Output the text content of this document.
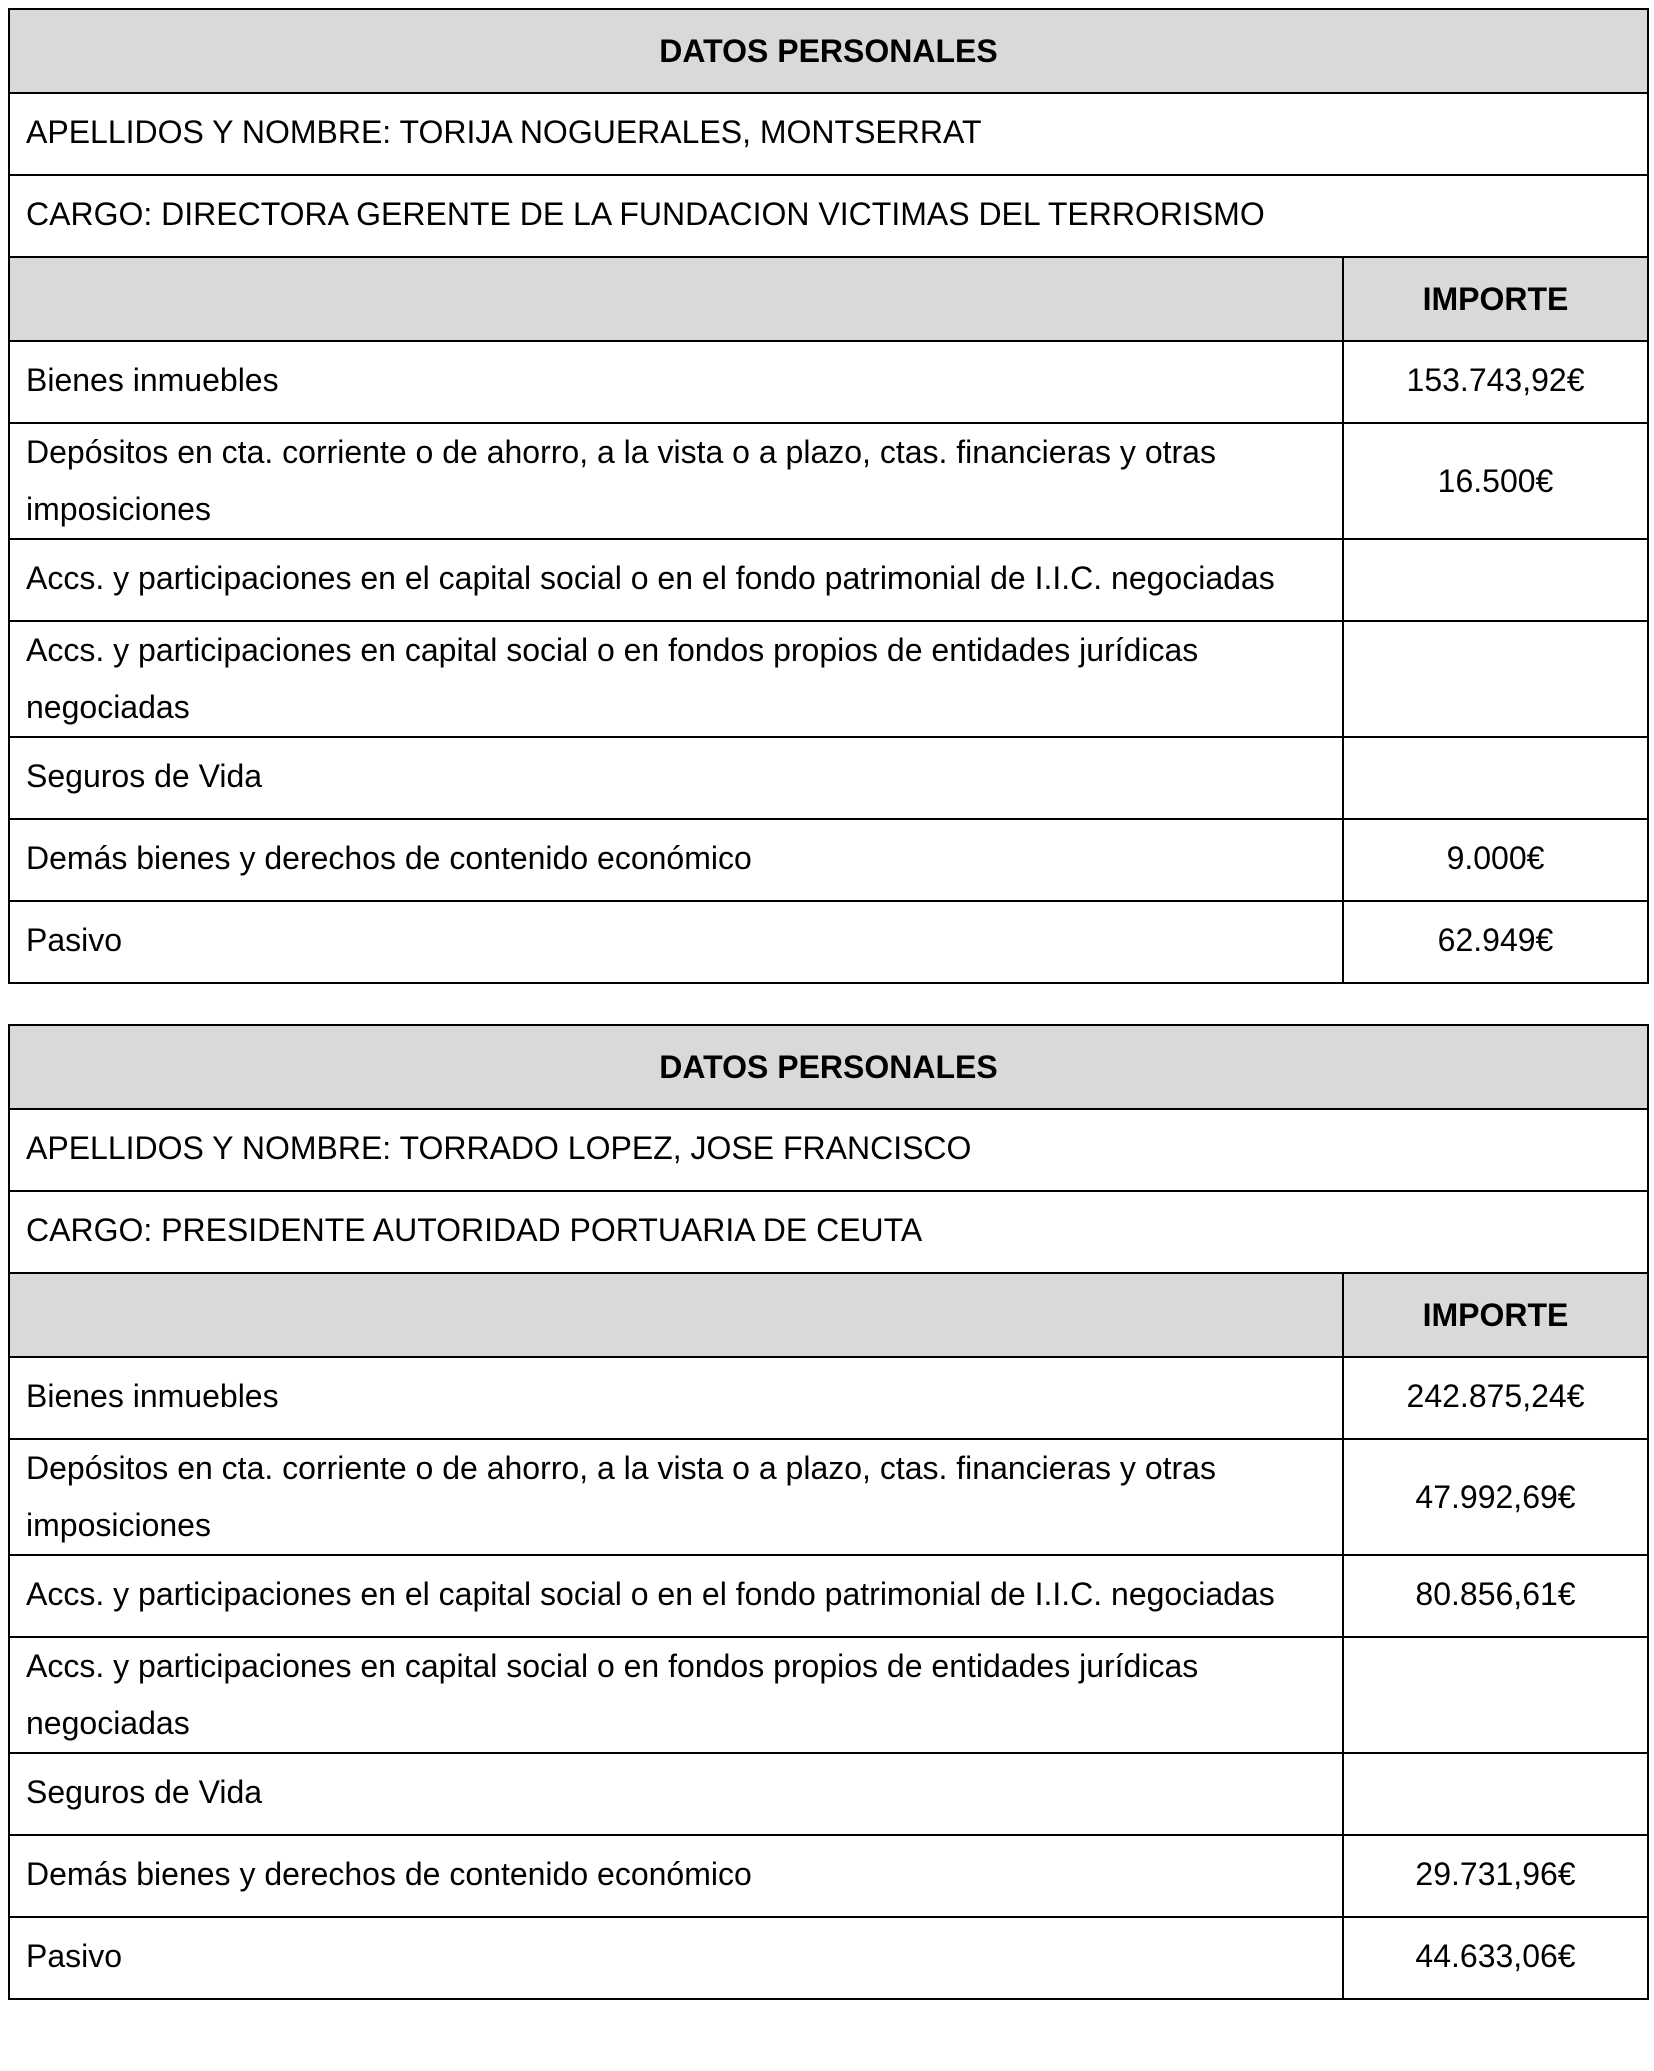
DATOS PERSONALES	
APELLIDOS Y NOMBRE: TORIJA NOGUERALES, MONTSERRAT	
CARGO: DIRECTORA GERENTE DE LA FUNDACION VICTIMAS DEL TERRORISMO	
	IMPORTE
Bienes inmuebles	153.743,92€
Depósitos en cta. corriente o de ahorro, a la vista o a plazo, ctas. financieras y otras imposiciones	16.500€
Accs. y participaciones en el capital social o en el fondo patrimonial de I.I.C. negociadas	
Accs. y participaciones en capital social o en fondos propios de entidades jurídicas negociadas	
Seguros de Vida	
Demás bienes y derechos de contenido económico	9.000€
Pasivo	62.949€
DATOS PERSONALES	
APELLIDOS Y NOMBRE: TORRADO LOPEZ, JOSE FRANCISCO	
CARGO: PRESIDENTE AUTORIDAD PORTUARIA DE CEUTA	
	IMPORTE
Bienes inmuebles	242.875,24€
Depósitos en cta. corriente o de ahorro, a la vista o a plazo, ctas. financieras y otras imposiciones	47.992,69€
Accs. y participaciones en el capital social o en el fondo patrimonial de I.I.C. negociadas	80.856,61€
Accs. y participaciones en capital social o en fondos propios de entidades jurídicas negociadas	
Seguros de Vida	
Demás bienes y derechos de contenido económico	29.731,96€
Pasivo	44.633,06€
